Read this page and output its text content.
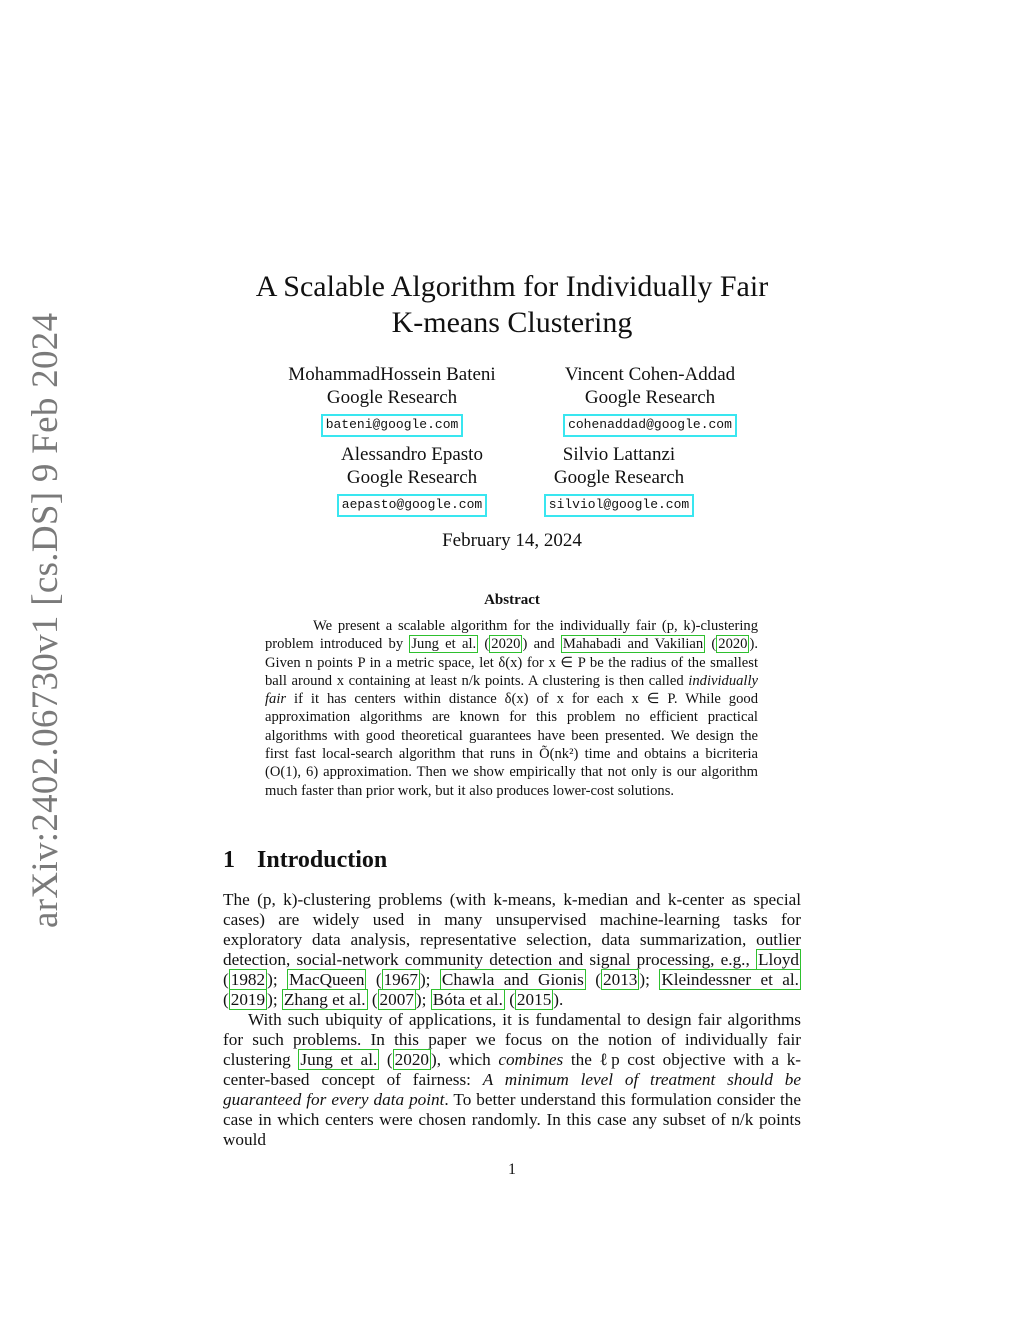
arXiv:2402.06730v1 [cs.DS] 9 Feb 2024
A Scalable Algorithm for Individually Fair
K-means Clustering
MohammadHossein Bateni
Google Research
bateni@google.com
Vincent Cohen-Addad
Google Research
cohenaddad@google.com
Alessandro Epasto
Google Research
aepasto@google.com
Silvio Lattanzi
Google Research
silviol@google.com
February 14, 2024
Abstract
We present a scalable algorithm for the individually fair (p, k)-clustering problem introduced by Jung et al. ( 2020 ) and Mahabadi and Vakilian ( 2020 ). Given n points P in a metric space, let δ(x) for x ∈ P be the radius of the smallest ball around x containing at least n/k points. A clustering is then called individually fair if it has centers within distance δ(x) of x for each x ∈ P. While good approximation algorithms are known for this problem no efficient practical algorithms with good theoretical guarantees have been presented. We design the first fast local-search algorithm that runs in Õ(nk²) time and obtains a bicriteria (O(1), 6) approximation. Then we show empirically that not only is our algorithm much faster than prior work, but it also produces lower-cost solutions.
1 Introduction

The (p, k)-clustering problems (with k-means, k-median and k-center as special cases) are widely used in many unsupervised machine-learning tasks for exploratory data analysis, representative selection, data summarization, outlier detection, social-network community detection and signal processing, e.g., Lloyd ( 1982 ); MacQueen ( 1967 ); Chawla and Gionis ( 2013 ); Kleindessner et al. ( 2019 ); Zhang et al. ( 2007 ); Bóta et al. ( 2015 ).

With such ubiquity of applications, it is fundamental to design fair algorithms for such problems. In this paper we focus on the notion of individually fair clustering Jung et al. ( 2020 ), which combines the ℓp cost objective with a k-center-based concept of fairness: A minimum level of treatment should be guaranteed for every data point. To better understand this formulation consider the case in which centers were chosen randomly. In this case any subset of n/k points would

1
